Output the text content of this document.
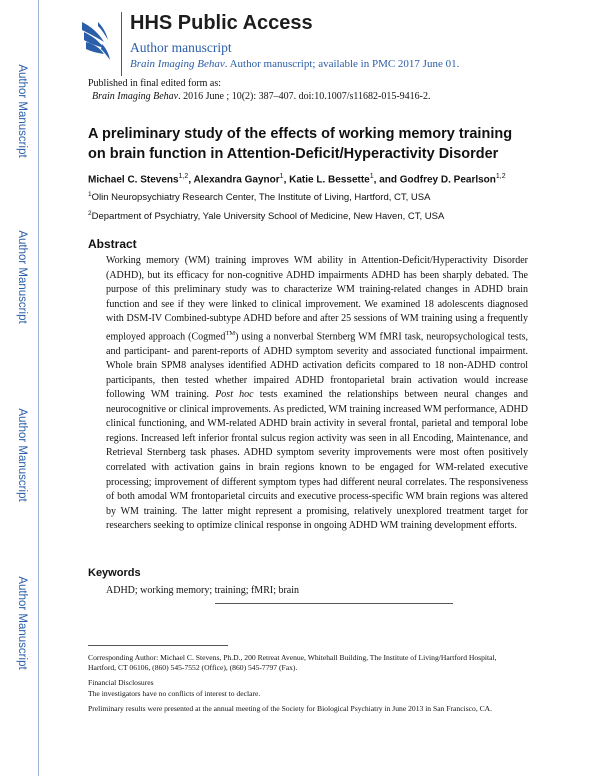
HHS Public Access
Author manuscript
Brain Imaging Behav. Author manuscript; available in PMC 2017 June 01.
Author Manuscript
Author Manuscript
Author Manuscript
Author Manuscript
Published in final edited form as:
Brain Imaging Behav. 2016 June ; 10(2): 387–407. doi:10.1007/s11682-015-9416-2.
A preliminary study of the effects of working memory training on brain function in Attention-Deficit/Hyperactivity Disorder
Michael C. Stevens$^{1,2}$, Alexandra Gaynor$^1$, Katie L. Bessette$^1$, and Godfrey D. Pearlson$^{1,2}$
$^1$Olin Neuropsychiatry Research Center, The Institute of Living, Hartford, CT, USA
$^2$Department of Psychiatry, Yale University School of Medicine, New Haven, CT, USA
Abstract

Working memory (WM) training improves WM ability in Attention-Deficit/Hyperactivity Disorder (ADHD), but its efficacy for non-cognitive ADHD impairments ADHD has been sharply debated. The purpose of this preliminary study was to characterize WM training-related changes in ADHD brain function and see if they were linked to clinical improvement. We examined 18 adolescents diagnosed with DSM-IV Combined-subtype ADHD before and after 25 sessions of WM training using a frequently employed approach (Cogmed™) using a nonverbal Sternberg WM fMRI task, neuropsychological tests, and participant- and parent-reports of ADHD symptom severity and associated functional impairment. Whole brain SPM8 analyses identified ADHD activation deficits compared to 18 non-ADHD control participants, then tested whether impaired ADHD frontoparietal brain activation would increase following WM training. Post hoc tests examined the relationships between neural changes and neurocognitive or clinical improvements. As predicted, WM training increased WM performance, ADHD clinical functioning, and WM-related ADHD brain activity in several frontal, parietal and temporal lobe regions. Increased left inferior frontal sulcus region activity was seen in all Encoding, Maintenance, and Retrieval Sternberg task phases. ADHD symptom severity improvements were most often positively correlated with activation gains in brain regions known to be engaged for WM-related executive processing; improvement of different symptom types had different neural correlates. The responsiveness of both amodal WM frontoparietal circuits and executive process-specific WM brain regions was altered by WM training. The latter might represent a promising, relatively unexplored treatment target for researchers seeking to optimize clinical response in ongoing ADHD WM training development efforts.

Keywords
ADHD; working memory; training; fMRI; brain
Corresponding Author: Michael C. Stevens, Ph.D., 200 Retreat Avenue, Whitehall Building, The Institute of Living/Hartford Hospital, Hartford, CT 06106, (860) 545-7552 (Office), (860) 545-7797 (Fax).
Financial Disclosures
The investigators have no conflicts of interest to declare.
Preliminary results were presented at the annual meeting of the Society for Biological Psychiatry in June 2013 in San Francisco, CA.
